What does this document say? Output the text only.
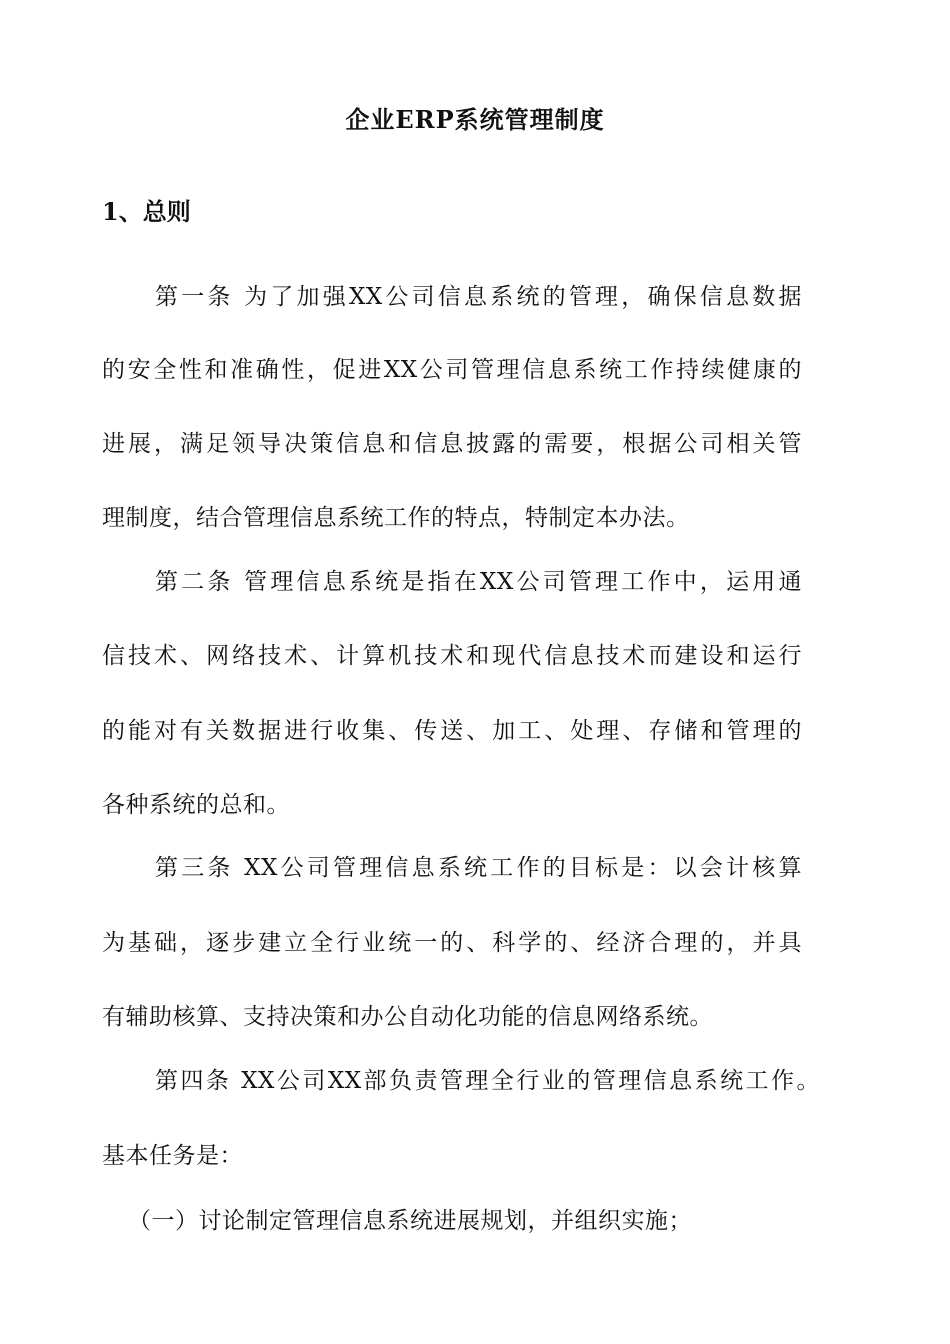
企业ERP系统管理制度
1、总则
第一条 为了加强XX公司信息系统的管理，确保信息数据
的安全性和准确性，促进XX公司管理信息系统工作持续健康的
进展，满足领导决策信息和信息披露的需要，根据公司相关管
理制度，结合管理信息系统工作的特点，特制定本办法。
第二条 管理信息系统是指在XX公司管理工作中，运用通
信技术、网络技术、计算机技术和现代信息技术而建设和运行
的能对有关数据进行收集、传送、加工、处理、存储和管理的
各种系统的总和。
第三条 XX公司管理信息系统工作的目标是：以会计核算
为基础，逐步建立全行业统一的、科学的、经济合理的，并具
有辅助核算、支持决策和办公自动化功能的信息网络系统。
第四条 XX公司XX部负责管理全行业的管理信息系统工作。
基本任务是：
（一）讨论制定管理信息系统进展规划，并组织实施；
